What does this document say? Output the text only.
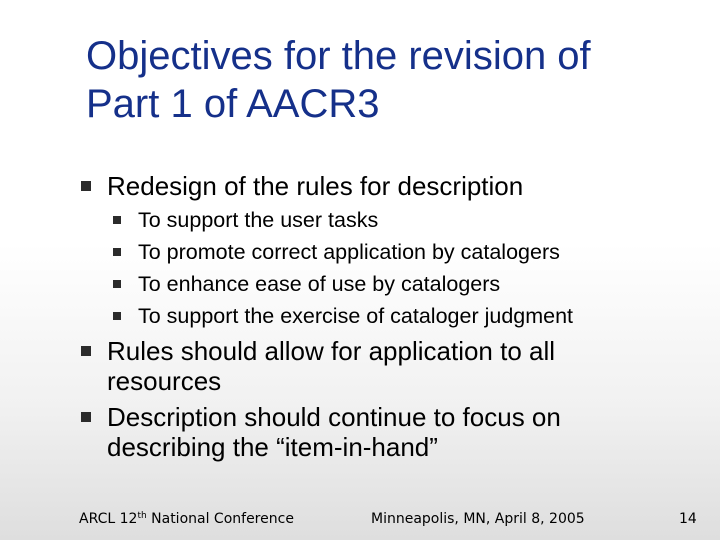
Objectives for the revision of
Part 1 of AACR3
Redesign of the rules for description
To support the user tasks
To promote correct application by catalogers
To enhance ease of use by catalogers
To support the exercise of cataloger judgment
Rules should allow for application to all
resources
Description should continue to focus on
describing the “item-in-hand”
ARCL 12th National Conference	Minneapolis, MN, April 8, 2005	14
